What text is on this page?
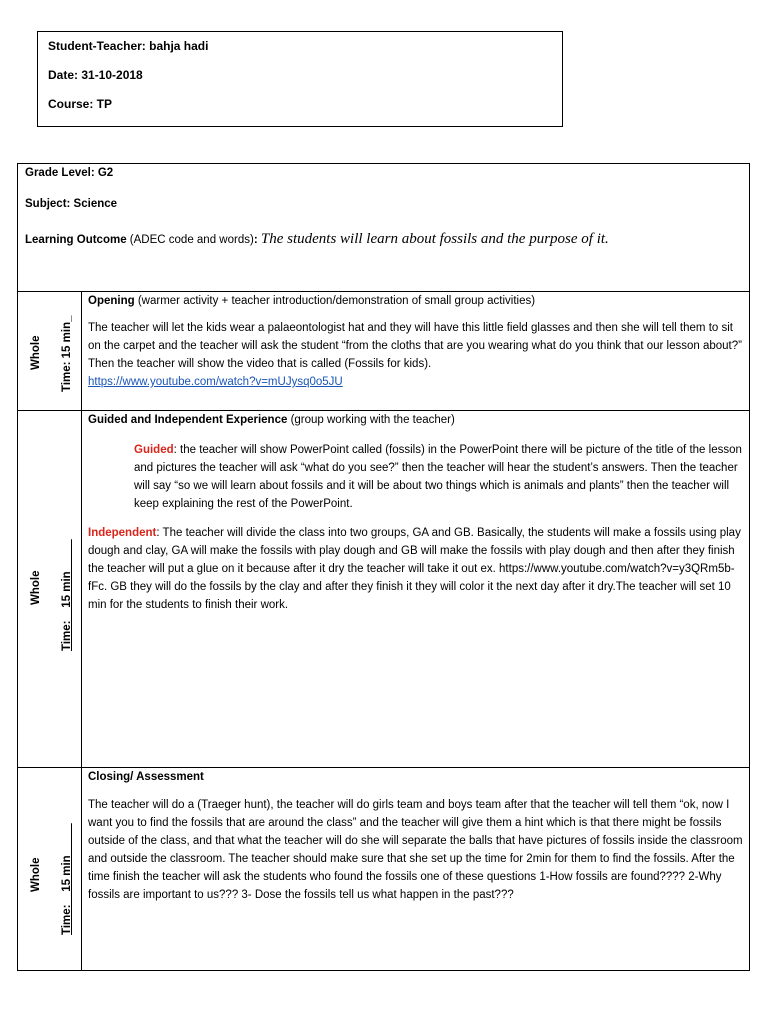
Student-Teacher: bahja hadi
Date: 31-10-2018
Course: TP
Grade Level: G2
Subject: Science
Learning Outcome (ADEC code and words): The students will learn about fossils and the purpose of it.
Whole Time: 15 min_

Opening (warmer activity + teacher introduction/demonstration of small group activities)

The teacher will let the kids wear a palaeontologist hat and they will have this little field glasses and then she will tell them to sit on the carpet and the teacher will ask the student “from the cloths that are you wearing what do you think that our lesson about?” Then the teacher will show the video that is called (Fossils for kids).

https://www.youtube.com/watch?v=mUJysq0o5JU

Whole Time:__15 min_____

Guided and Independent Experience (group working with the teacher)

Guided: the teacher will show PowerPoint called (fossils) in the PowerPoint there will be picture of the title of the lesson and pictures the teacher will ask “what do you see?” then the teacher will hear the student’s answers. Then the teacher will say “so we will learn about fossils and it will be about two things which is animals and plants” then the teacher will keep explaining the rest of the PowerPoint.

Independent: The teacher will divide the class into two groups, GA and GB. Basically, the students will make a fossils using play dough and clay, GA will make the fossils with play dough and GB will make the fossils with play dough and then after they finish the teacher will put a glue on it because after it dry the teacher will take it out ex. https://www.youtube.com/watch?v=y3QRm5b-fFc. GB they will do the fossils by the clay and after they finish it they will color it the next day after it dry.The teacher will set 10 min for the students to finish their work.

Whole Time:__15 min_____

Closing/ Assessment

The teacher will do a (Traeger hunt), the teacher will do girls team and boys team after that the teacher will tell them “ok, now I want you to find the fossils that are around the class” and the teacher will give them a hint which is that there might be fossils outside of the class, and that what the teacher will do she will separate the balls that have pictures of fossils inside the classroom and outside the classroom. The teacher should make sure that she set up the time for 2min for them to find the fossils. After the time finish the teacher will ask the students who found the fossils one of these questions 1-How fossils are found???? 2-Why fossils are important to us??? 3- Dose the fossils tell us what happen in the past???
